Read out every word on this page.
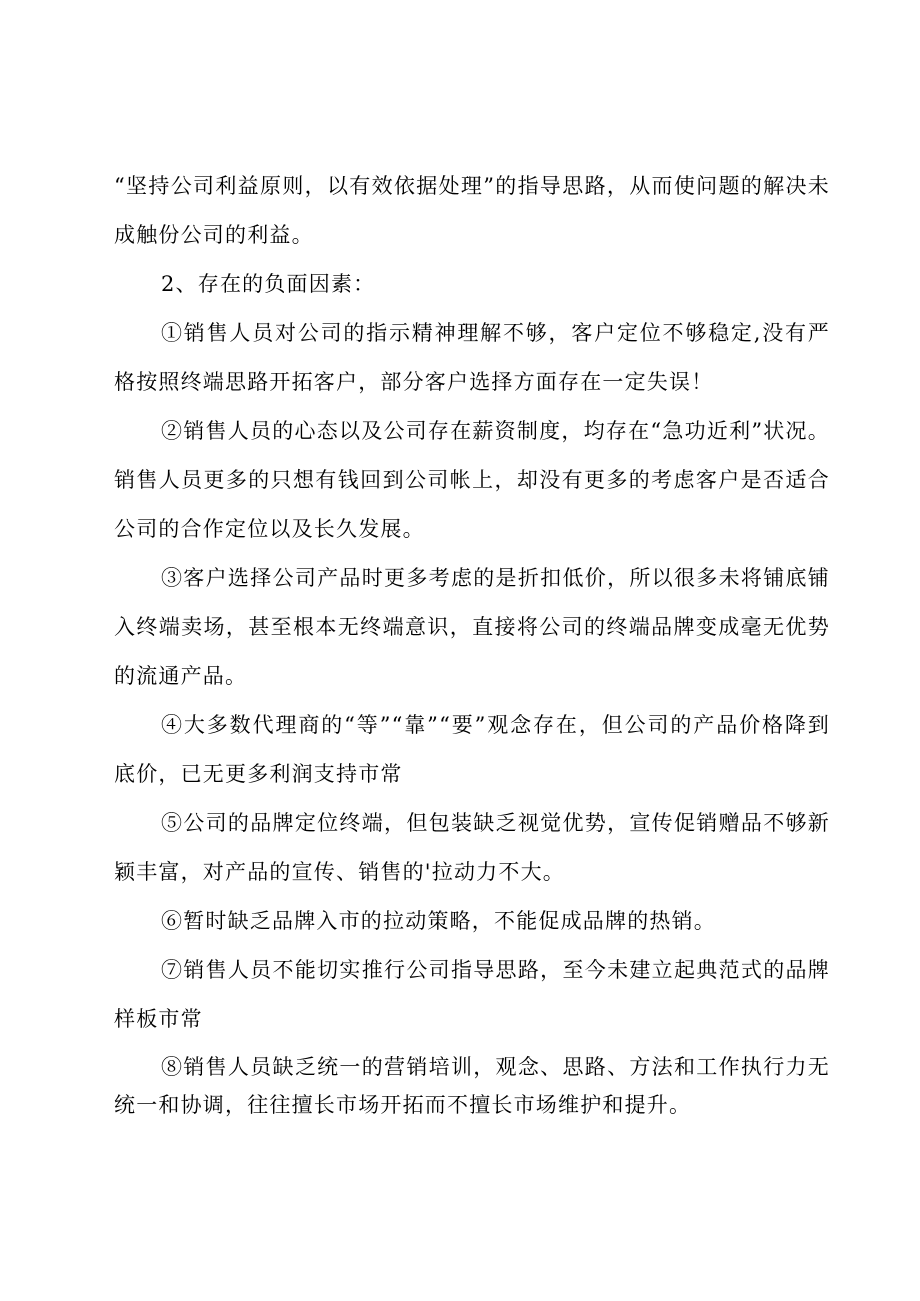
“坚持公司利益原则，以有效依据处理”的指导思路，从而使问题的解决未成触份公司的利益。

2、存在的负面因素：

①销售人员对公司的指示精神理解不够，客户定位不够稳定,没有严格按照终端思路开拓客户，部分客户选择方面存在一定失误！

②销售人员的心态以及公司存在薪资制度，均存在“急功近利”状况。销售人员更多的只想有钱回到公司帐上，却没有更多的考虑客户是否适合公司的合作定位以及长久发展。

③客户选择公司产品时更多考虑的是折扣低价，所以很多未将铺底铺入终端卖场，甚至根本无终端意识，直接将公司的终端品牌变成毫无优势的流通产品。

④大多数代理商的“等”“靠”“要”观念存在，但公司的产品价格降到底价，已无更多利润支持市常

⑤公司的品牌定位终端，但包装缺乏视觉优势，宣传促销赠品不够新颖丰富，对产品的宣传、销售的'拉动力不大。

⑥暂时缺乏品牌入市的拉动策略，不能促成品牌的热销。

⑦销售人员不能切实推行公司指导思路，至今未建立起典范式的品牌样板市常

⑧销售人员缺乏统一的营销培训，观念、思路、方法和工作执行力无统一和协调，往往擅长市场开拓而不擅长市场维护和提升。
